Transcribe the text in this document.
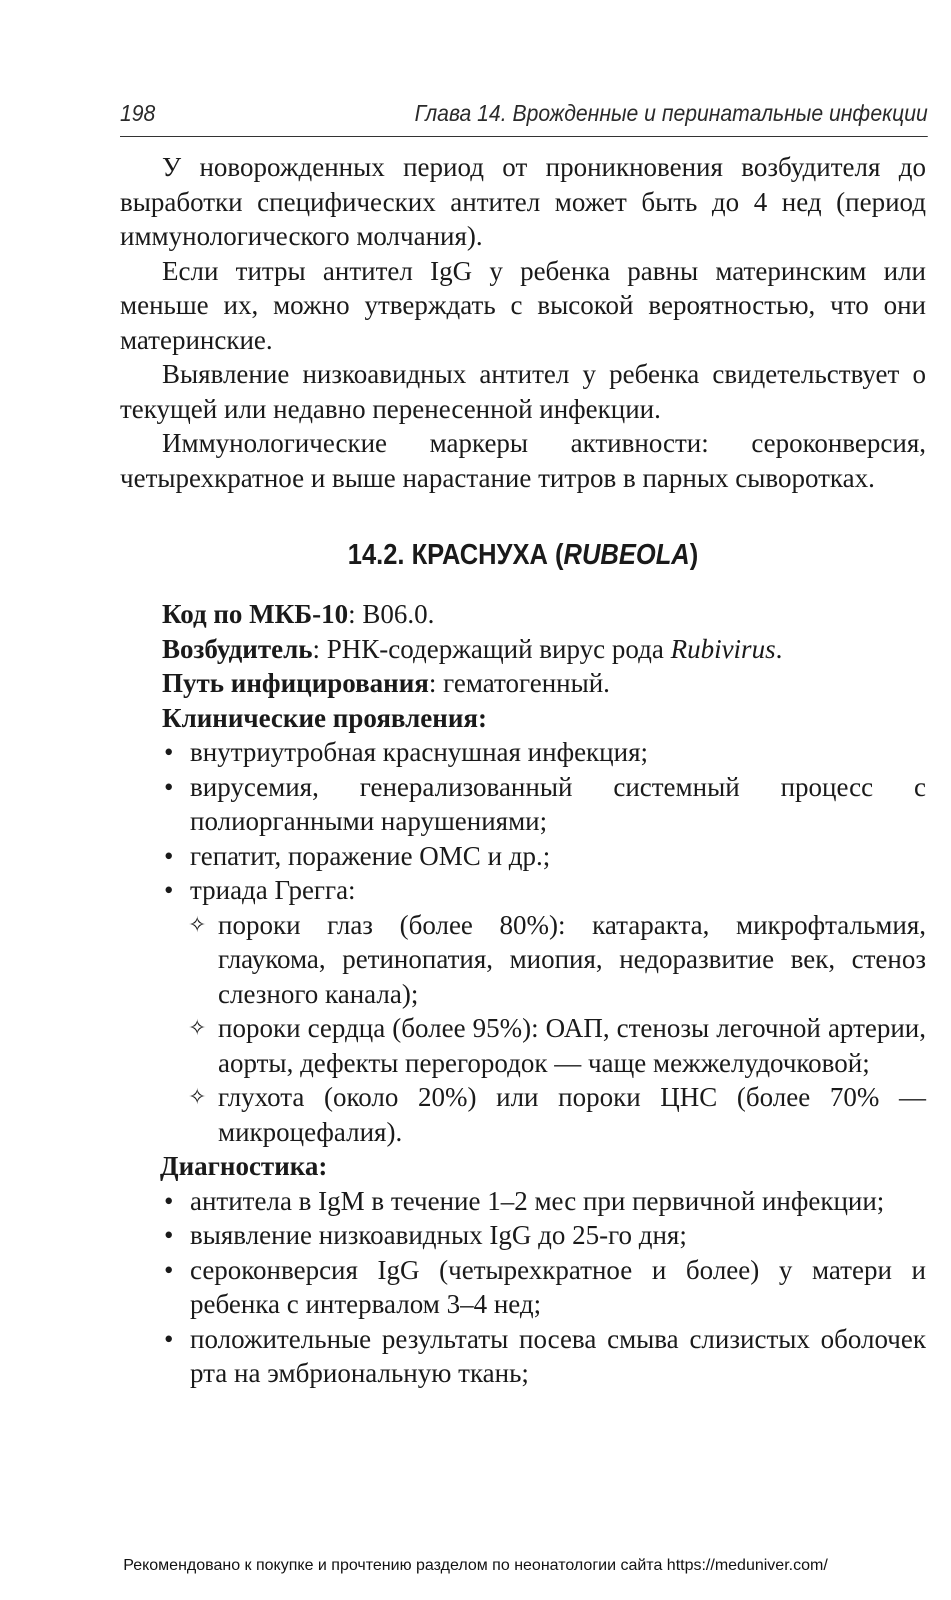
198	Глава 14. Врожденные и перинатальные инфекции

У новорожденных период от проникновения возбудителя до выработки специфических антител может быть до 4 нед (период иммунологического молчания).

Если титры антител IgG у ребенка равны материнским или меньше их, можно утверждать с высокой вероятностью, что они материнские.

Выявление низкоавидных антител у ребенка свидетельствует о текущей или недавно перенесенной инфекции.

Иммунологические маркеры активности: сероконверсия, четырехкратное и выше нарастание титров в парных сыворотках.

14.2. КРАСНУХА (RUBEOLA)
Код по МКБ-10: B06.0.
Возбудитель: РНК-содержащий вирус рода Rubivirus.
Путь инфицирования: гематогенный.
Клинические проявления:
• внутриутробная краснушная инфекция;
• вирусемия, генерализованный системный процесс с полиорганными нарушениями;
• гепатит, поражение ОМС и др.;
• триада Грегга:
✧ пороки глаз (более 80%): катаракта, микрофтальмия, глаукома, ретинопатия, миопия, недоразвитие век, стеноз слезного канала);
✧ пороки сердца (более 95%): ОАП, стенозы легочной артерии, аорты, дефекты перегородок — чаще межжелудочковой;
✧ глухота (около 20%) или пороки ЦНС (более 70% — микроцефалия).
Диагностика:
• антитела в IgM в течение 1–2 мес при первичной инфекции;
• выявление низкоавидных IgG до 25-го дня;
• сероконверсия IgG (четырехкратное и более) у матери и ребенка с интервалом 3–4 нед;
• положительные результаты посева смыва слизистых оболочек рта на эмбриональную ткань;
Рекомендовано к покупке и прочтению разделом по неонатологии сайта https://meduniver.com/
